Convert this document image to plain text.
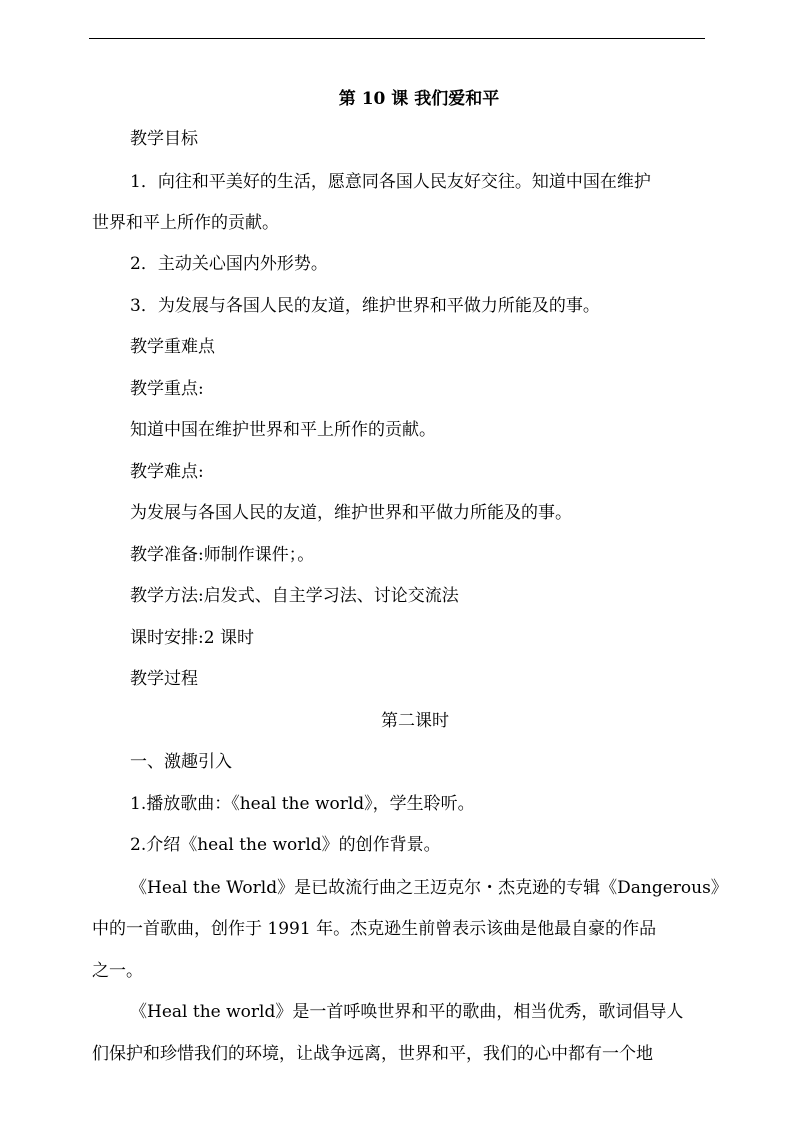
第 10 课 我们爱和平
教学目标
1．向往和平美好的生活，愿意同各国人民友好交往。知道中国在维护
世界和平上所作的贡献。
2．主动关心国内外形势。
3．为发展与各国人民的友道，维护世界和平做力所能及的事。
教学重难点
教学重点:
知道中国在维护世界和平上所作的贡献。
教学难点:
为发展与各国人民的友道，维护世界和平做力所能及的事。
教学准备:师制作课件；。
教学方法:启发式、自主学习法、讨论交流法
课时安排:2 课时
教学过程
第二课时
一、激趣引入
1.播放歌曲：《heal the world》，学生聆听。
2.介绍《heal the world》的创作背景。
《Heal the World》是已故流行曲之王迈克尔・杰克逊的专辑《Dangerous》
中的一首歌曲，创作于 1991 年。杰克逊生前曾表示该曲是他最自豪的作品
之一。
《Heal the world》是一首呼唤世界和平的歌曲，相当优秀，歌词倡导人
们保护和珍惜我们的环境，让战争远离，世界和平，我们的心中都有一个地
